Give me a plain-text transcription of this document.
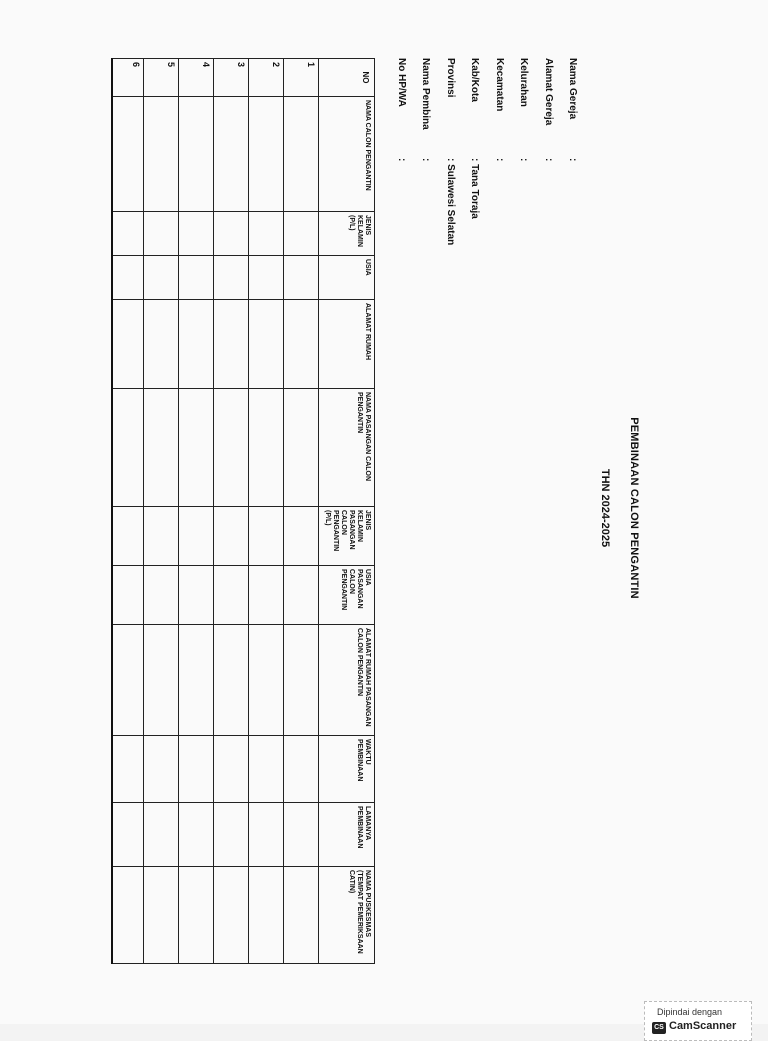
PEMBINAAN CALON PENGANTIN
THN 2024-2025
Nama Gereja
:
Alamat Gereja
:
Kelurahan
:
Kecamatan
:
Kab/Kota
: Tana Toraja
Provinsi
: Sulawesi Selatan
Nama Pembina
:
No HP/WA
:
NO	NAMA CALON PENGANTIN	JENIS KELAMIN (P/L)	USIA	ALAMAT RUMAH	NAMA PASANGAN CALON PENGANTIN	JENIS KELAMIN PASANGAN CALON PENGANTIN (P/L)	USIA PASANGAN CALON PENGANTIN	ALAMAT RUMAH PASANGAN CALON PENGANTIN	WAKTU PEMBINAAN	LAMANYA PEMBINAAN	NAMA PUSKESMAS (TEMPAT PEMERIKSAAN CATIN)
1											
2											
3											
4											
5											
6											
Dipindai dengan
CS CamScanner
